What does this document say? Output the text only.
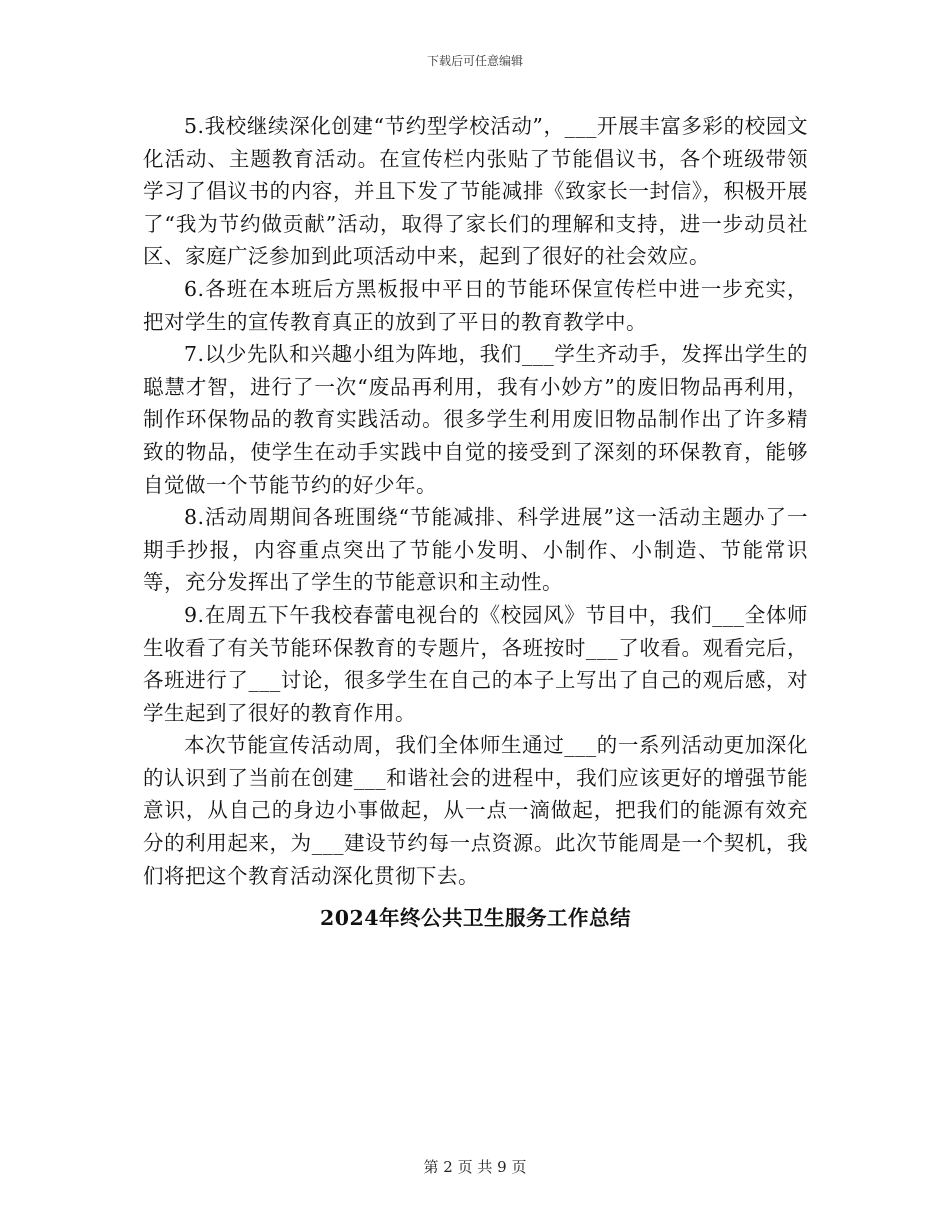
下载后可任意编辑

5.我校继续深化创建“节约型学校活动”，___开展丰富多彩的校园文化活动、主题教育活动。在宣传栏内张贴了节能倡议书，各个班级带领学习了倡议书的内容，并且下发了节能减排《致家长一封信》，积极开展了“我为节约做贡献”活动，取得了家长们的理解和支持，进一步动员社区、家庭广泛参加到此项活动中来，起到了很好的社会效应。

6.各班在本班后方黑板报中平日的节能环保宣传栏中进一步充实，把对学生的宣传教育真正的放到了平日的教育教学中。

7.以少先队和兴趣小组为阵地，我们___学生齐动手，发挥出学生的聪慧才智，进行了一次“废品再利用，我有小妙方”的废旧物品再利用，制作环保物品的教育实践活动。很多学生利用废旧物品制作出了许多精致的物品，使学生在动手实践中自觉的接受到了深刻的环保教育，能够自觉做一个节能节约的好少年。

8.活动周期间各班围绕“节能减排、科学进展”这一活动主题办了一期手抄报，内容重点突出了节能小发明、小制作、小制造、节能常识等，充分发挥出了学生的节能意识和主动性。

9.在周五下午我校春蕾电视台的《校园风》节目中，我们___全体师生收看了有关节能环保教育的专题片，各班按时___了收看。观看完后，各班进行了___讨论，很多学生在自己的本子上写出了自己的观后感，对学生起到了很好的教育作用。

本次节能宣传活动周，我们全体师生通过___的一系列活动更加深化的认识到了当前在创建___和谐社会的进程中，我们应该更好的增强节能意识，从自己的身边小事做起，从一点一滴做起，把我们的能源有效充分的利用起来，为___建设节约每一点资源。此次节能周是一个契机，我们将把这个教育活动深化贯彻下去。

2024年终公共卫生服务工作总结
第 2 页 共 9 页
